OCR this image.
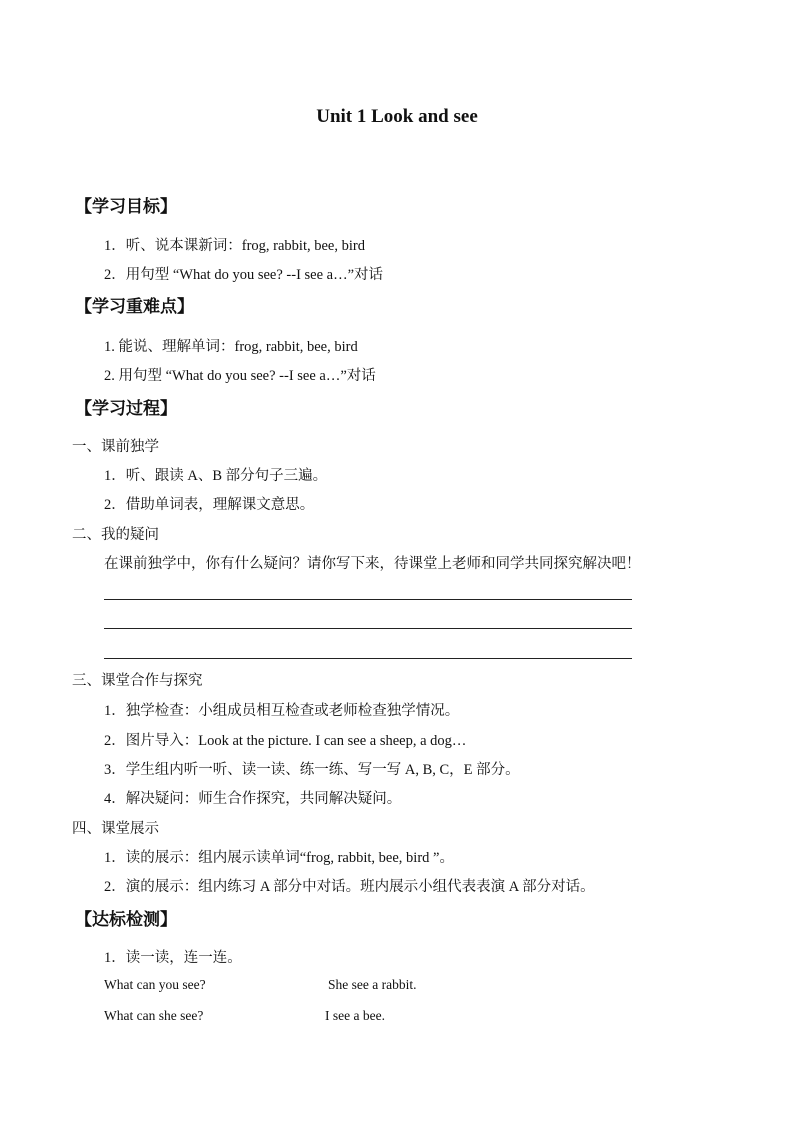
Unit 1 Look and see
【学习目标】
1．听、说本课新词：frog, rabbit, bee, bird
2．用句型 “What do you see? --I see a…”对话
【学习重难点】
1. 能说、理解单词：frog, rabbit, bee, bird
2. 用句型 “What do you see? --I see a…”对话
【学习过程】
一、课前独学
1．听、跟读 A、B 部分句子三遍。
2．借助单词表，理解课文意思。
二、我的疑问
在课前独学中，你有什么疑问？请你写下来，待课堂上老师和同学共同探究解决吧！
三、课堂合作与探究
1．独学检查：小组成员相互检查或老师检查独学情况。
2．图片导入：Look at the picture. I can see a sheep, a dog…
3．学生组内听一听、读一读、练一练、写一写 A, B, C，E 部分。
4．解决疑问：师生合作探究，共同解决疑问。
四、课堂展示
1．读的展示：组内展示读单词“frog, rabbit, bee, bird ”。
2．演的展示：组内练习 A 部分中对话。班内展示小组代表表演 A 部分对话。
【达标检测】
1．读一读，连一连。
What can you see?
What can she see?
She see a rabbit.
I see a bee.
